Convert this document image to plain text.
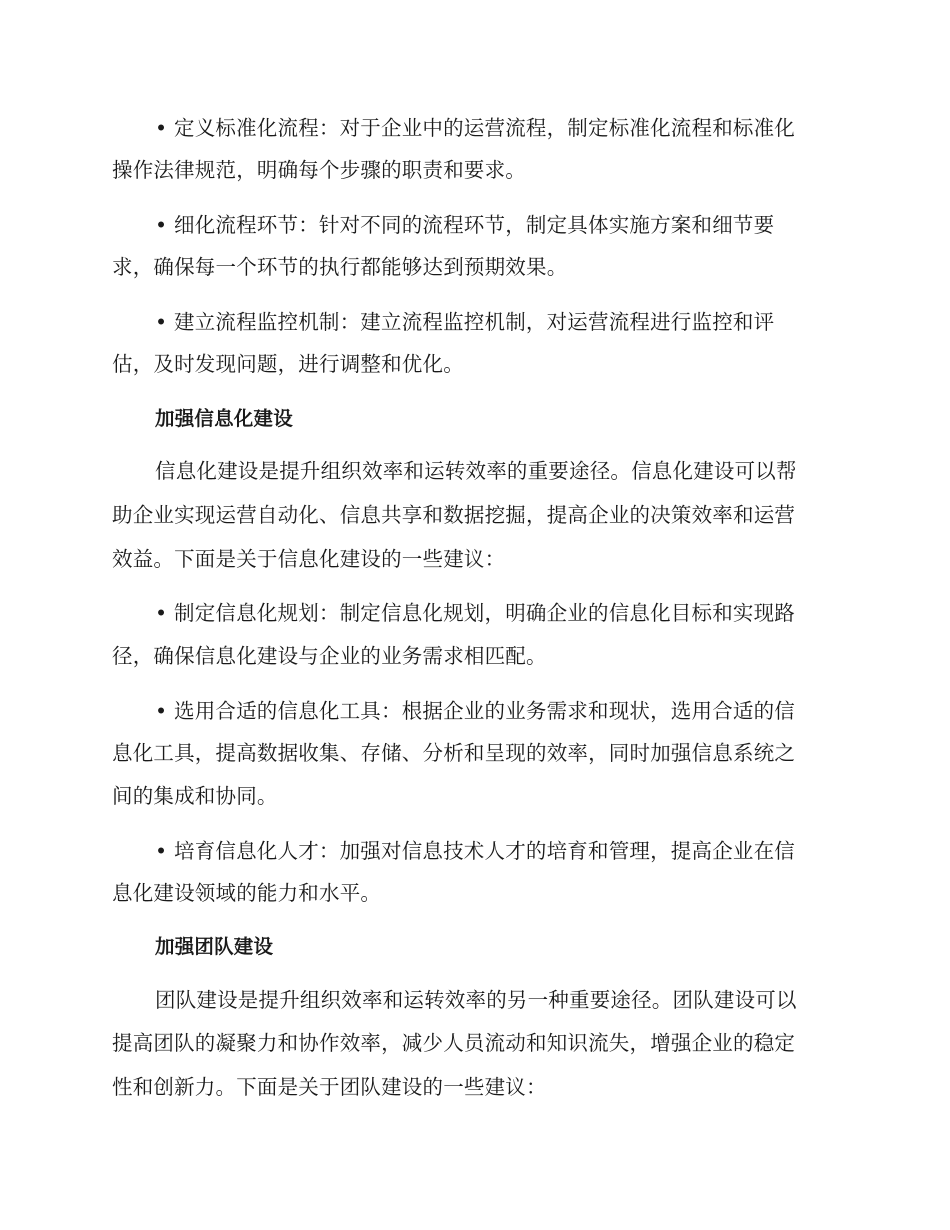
• 定义标准化流程：对于企业中的运营流程，制定标准化流程和标准化

操作法律规范，明确每个步骤的职责和要求。

• 细化流程环节：针对不同的流程环节，制定具体实施方案和细节要

求，确保每一个环节的执行都能够达到预期效果。

• 建立流程监控机制：建立流程监控机制，对运营流程进行监控和评

估，及时发现问题，进行调整和优化。

加强信息化建设

信息化建设是提升组织效率和运转效率的重要途径。信息化建设可以帮

助企业实现运营自动化、信息共享和数据挖掘，提高企业的决策效率和运营

效益。下面是关于信息化建设的一些建议：

• 制定信息化规划：制定信息化规划，明确企业的信息化目标和实现路

径，确保信息化建设与企业的业务需求相匹配。

• 选用合适的信息化工具：根据企业的业务需求和现状，选用合适的信

息化工具，提高数据收集、存储、分析和呈现的效率，同时加强信息系统之

间的集成和协同。

• 培育信息化人才：加强对信息技术人才的培育和管理，提高企业在信

息化建设领域的能力和水平。

加强团队建设

团队建设是提升组织效率和运转效率的另一种重要途径。团队建设可以

提高团队的凝聚力和协作效率，减少人员流动和知识流失，增强企业的稳定

性和创新力。下面是关于团队建设的一些建议：
